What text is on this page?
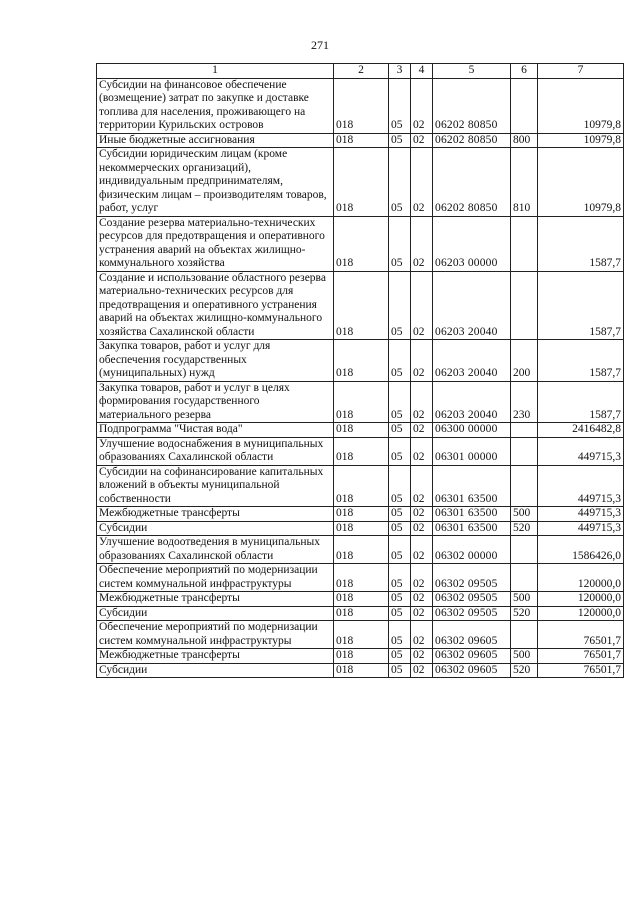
271
1	2	3	4	5	6	7
Субсидии на финансовое обеспечение (возмещение) затрат по закупке и доставке топлива для населения, проживающего на территории Курильских островов	018	05	02	06202 80850		10979,8
Иные бюджетные ассигнования	018	05	02	06202 80850	800	10979,8
Субсидии юридическим лицам (кроме некоммерческих организаций), индивидуальным предпринимателям, физическим лицам – производителям товаров, работ, услуг	018	05	02	06202 80850	810	10979,8
Создание резерва материально-технических ресурсов для предотвращения и оперативного устранения аварий на объектах жилищно-коммунального хозяйства	018	05	02	06203 00000		1587,7
Создание и использование областного резерва материально-технических ресурсов для предотвращения и оперативного устранения аварий на объектах жилищно-коммунального хозяйства Сахалинской области	018	05	02	06203 20040		1587,7
Закупка товаров, работ и услуг для обеспечения государственных (муниципальных) нужд	018	05	02	06203 20040	200	1587,7
Закупка товаров, работ и услуг в целях формирования государственного материального резерва	018	05	02	06203 20040	230	1587,7
Подпрограмма "Чистая вода"	018	05	02	06300 00000		2416482,8
Улучшение водоснабжения в муниципальных образованиях Сахалинской области	018	05	02	06301 00000		449715,3
Субсидии на софинансирование капитальных вложений в объекты муниципальной собственности	018	05	02	06301 63500		449715,3
Межбюджетные трансферты	018	05	02	06301 63500	500	449715,3
Субсидии	018	05	02	06301 63500	520	449715,3
Улучшение водоотведения в муниципальных образованиях Сахалинской области	018	05	02	06302 00000		1586426,0
Обеспечение мероприятий по модернизации систем коммунальной инфраструктуры	018	05	02	06302 09505		120000,0
Межбюджетные трансферты	018	05	02	06302 09505	500	120000,0
Субсидии	018	05	02	06302 09505	520	120000,0
Обеспечение мероприятий по модернизации систем коммунальной инфраструктуры	018	05	02	06302 09605		76501,7
Межбюджетные трансферты	018	05	02	06302 09605	500	76501,7
Субсидии	018	05	02	06302 09605	520	76501,7
